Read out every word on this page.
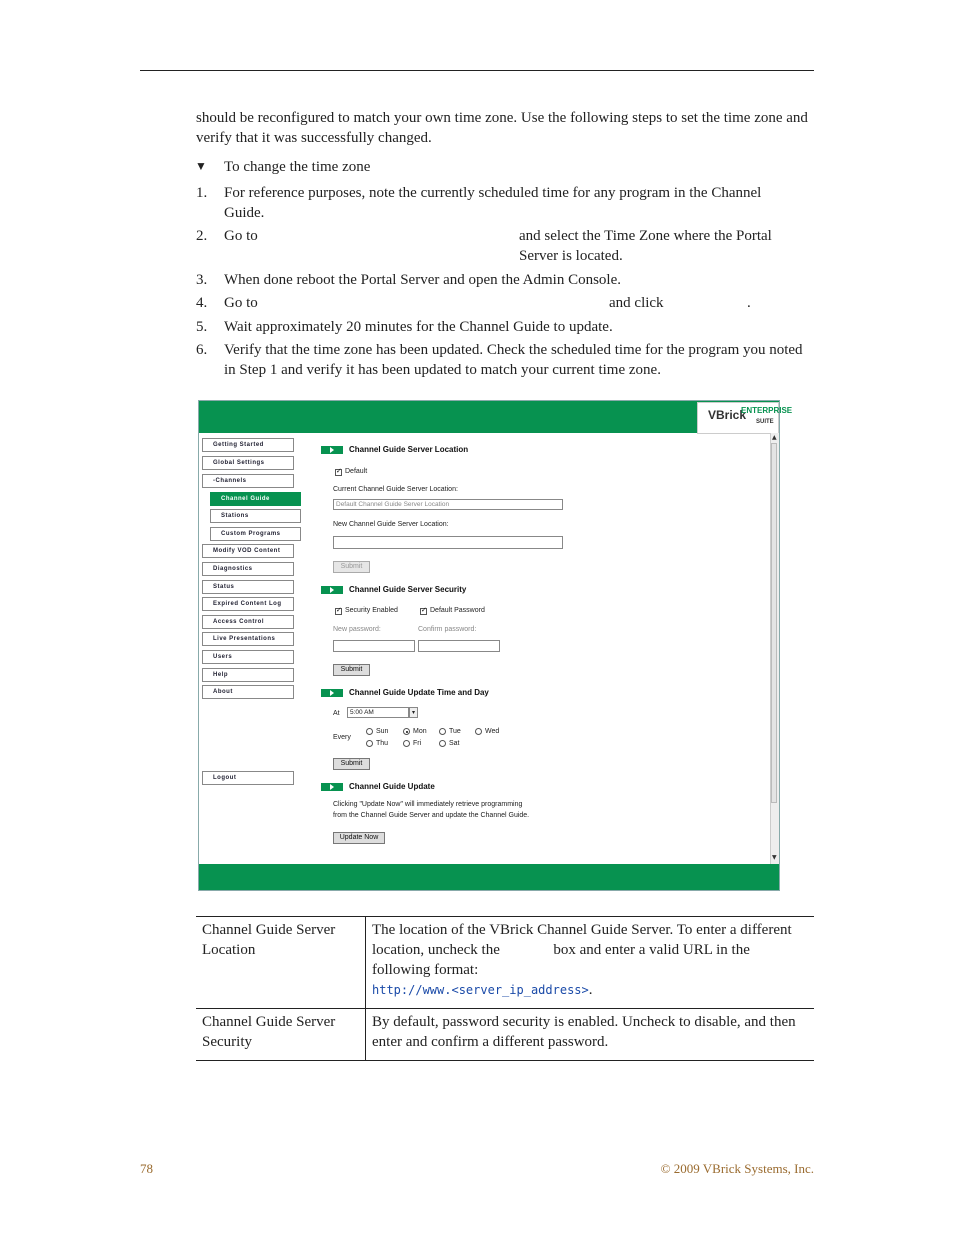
should be reconfigured to match your own time zone. Use the following steps to set the time zone and verify that it was successfully changed.
▼ To change the time zone
1.	For reference purposes, note the currently scheduled time for any program in the Channel Guide.
2.	Go to	and select the Time Zone where the Portal Server is located.
3.	When done reboot the Portal Server and open the Admin Console.
4.	Go to	and click	.
5.	Wait approximately 20 minutes for the Channel Guide to update.
6.	Verify that the time zone has been updated. Check the scheduled time for the program you noted in Step 1 and verify it has been updated to match your current time zone.
VBrick
ENTERPRISE
SUITE
Getting Started
Global Settings
-Channels
Channel Guide
Stations
Custom Programs
Modify VOD Content
Diagnostics
Status
Expired Content Log
Access Control
Live Presentations
Users
Help
About
Logout
Channel Guide Server Location
✓
Default
Current Channel Guide Server Location:
Default Channel Guide Server Location
New Channel Guide Server Location:
Submit
Channel Guide Server Security
✓
Security Enabled ✓	Default Password
New password:	Confirm password:
Submit
Channel Guide Update Time and Day
At	5:00 AM	▾
Every
Sun	Mon	Tue	Wed
Thu	Fri	Sat
Submit
Channel Guide Update
Clicking "Update Now" will immediately retrieve programming
from the Channel Guide Server and update the Channel Guide.
Update Now
▲
▼
Channel Guide Server Location	The location of the VBrick Channel Guide Server. To enter a different location, uncheck the box and enter a valid URL in the following format:
http://www.<server_ip_address>.
Channel Guide Server Security	By default, password security is enabled. Uncheck to disable, and then enter and confirm a different password.
78	© 2009 VBrick Systems, Inc.
